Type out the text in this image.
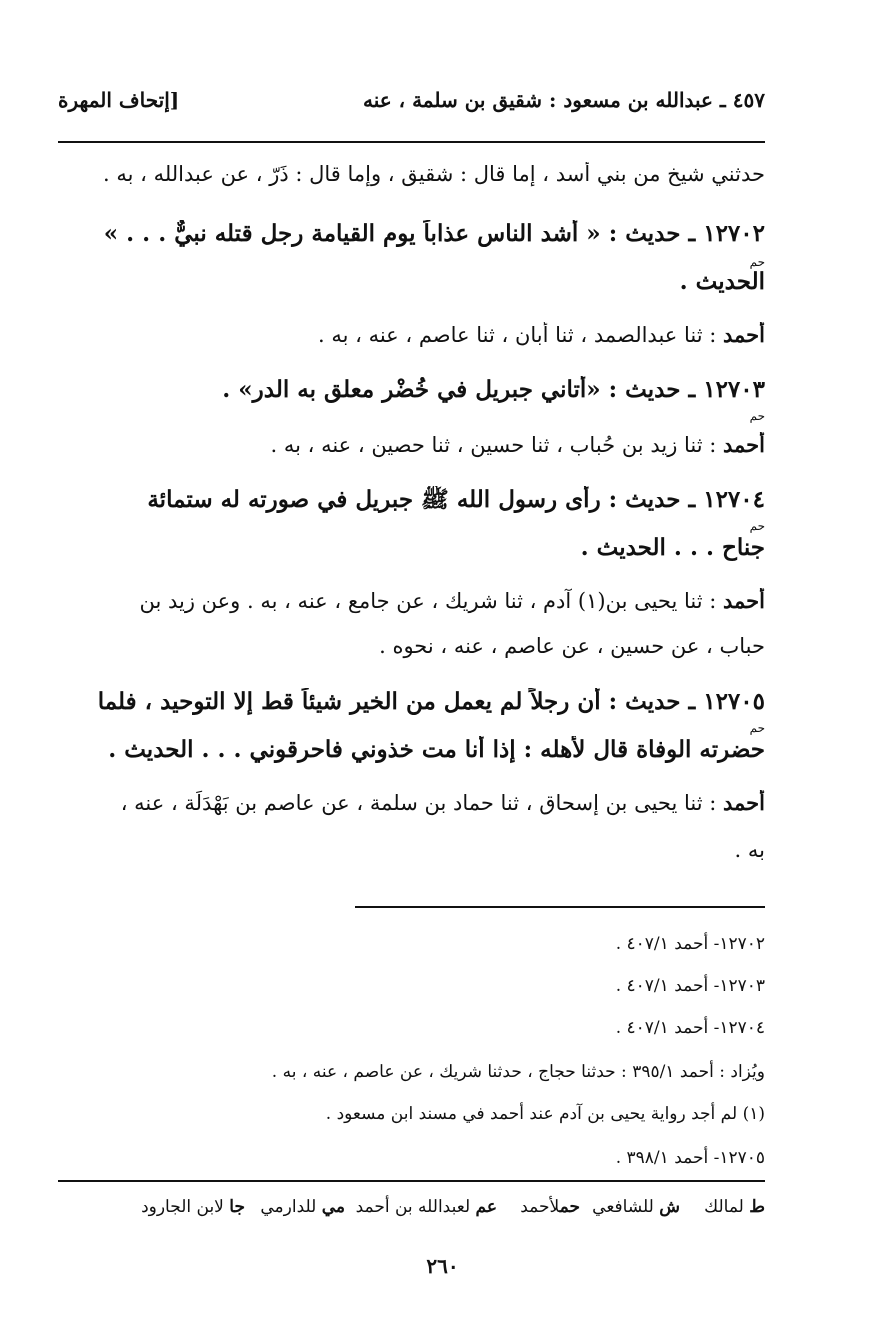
٤٥٧ ـ عبدالله بن مسعود : شقيق بن سلمة ، عنه
[إتحاف المهرة
حدثني شيخ من بني أسد ، إما قال : شقيق ، وإما قال : ذَرّ ، عن عبدالله ، به .
١٢٧٠٢ ـ حديث : « أشد الناس عذاباً يوم القيامة رجل قتله نبيٌّ . . . »
حم
الحديث .
أحمد : ثنا عبدالصمد ، ثنا أبان ، ثنا عاصم ، عنه ، به .
١٢٧٠٣ ـ حديث : «أتاني جبريل في خُضْر معلق به الدر» .
حم
أحمد : ثنا زيد بن حُباب ، ثنا حسين ، ثنا حصين ، عنه ، به .
١٢٧٠٤ ـ حديث : رأى رسول الله ﷺ جبريل في صورته له ستمائة
حم
جناح . . . الحديث .
أحمد : ثنا يحيى بن(١) آدم ، ثنا شريك ، عن جامع ، عنه ، به . وعن زيد بن
حباب ، عن حسين ، عن عاصم ، عنه ، نحوه .
١٢٧٠٥ ـ حديث : أن رجلاً لم يعمل من الخير شيئاً قط إلا التوحيد ، فلما
حم
حضرته الوفاة قال لأهله : إذا أنا مت خذوني فاحرقوني . . . الحديث .
أحمد : ثنا يحيى بن إسحاق ، ثنا حماد بن سلمة ، عن عاصم بن بَهْدَلَة ، عنه ،
به .
١٢٧٠٢- أحمد ٤٠٧/١ .
١٢٧٠٣- أحمد ٤٠٧/١ .
١٢٧٠٤- أحمد ٤٠٧/١ .
ويُزاد : أحمد ٣٩٥/١ : حدثنا حجاج ، حدثنا شريك ، عن عاصم ، عنه ، به .
(١) لم أجد رواية يحيى بن آدم عند أحمد في مسند ابن مسعود .
١٢٧٠٥- أحمد ٣٩٨/١ .
ط لمالك
ش للشافعي
حملأحمد
عم لعبدالله بن أحمد
مي للدارمي
جا لابن الجارود
٢٦٠
